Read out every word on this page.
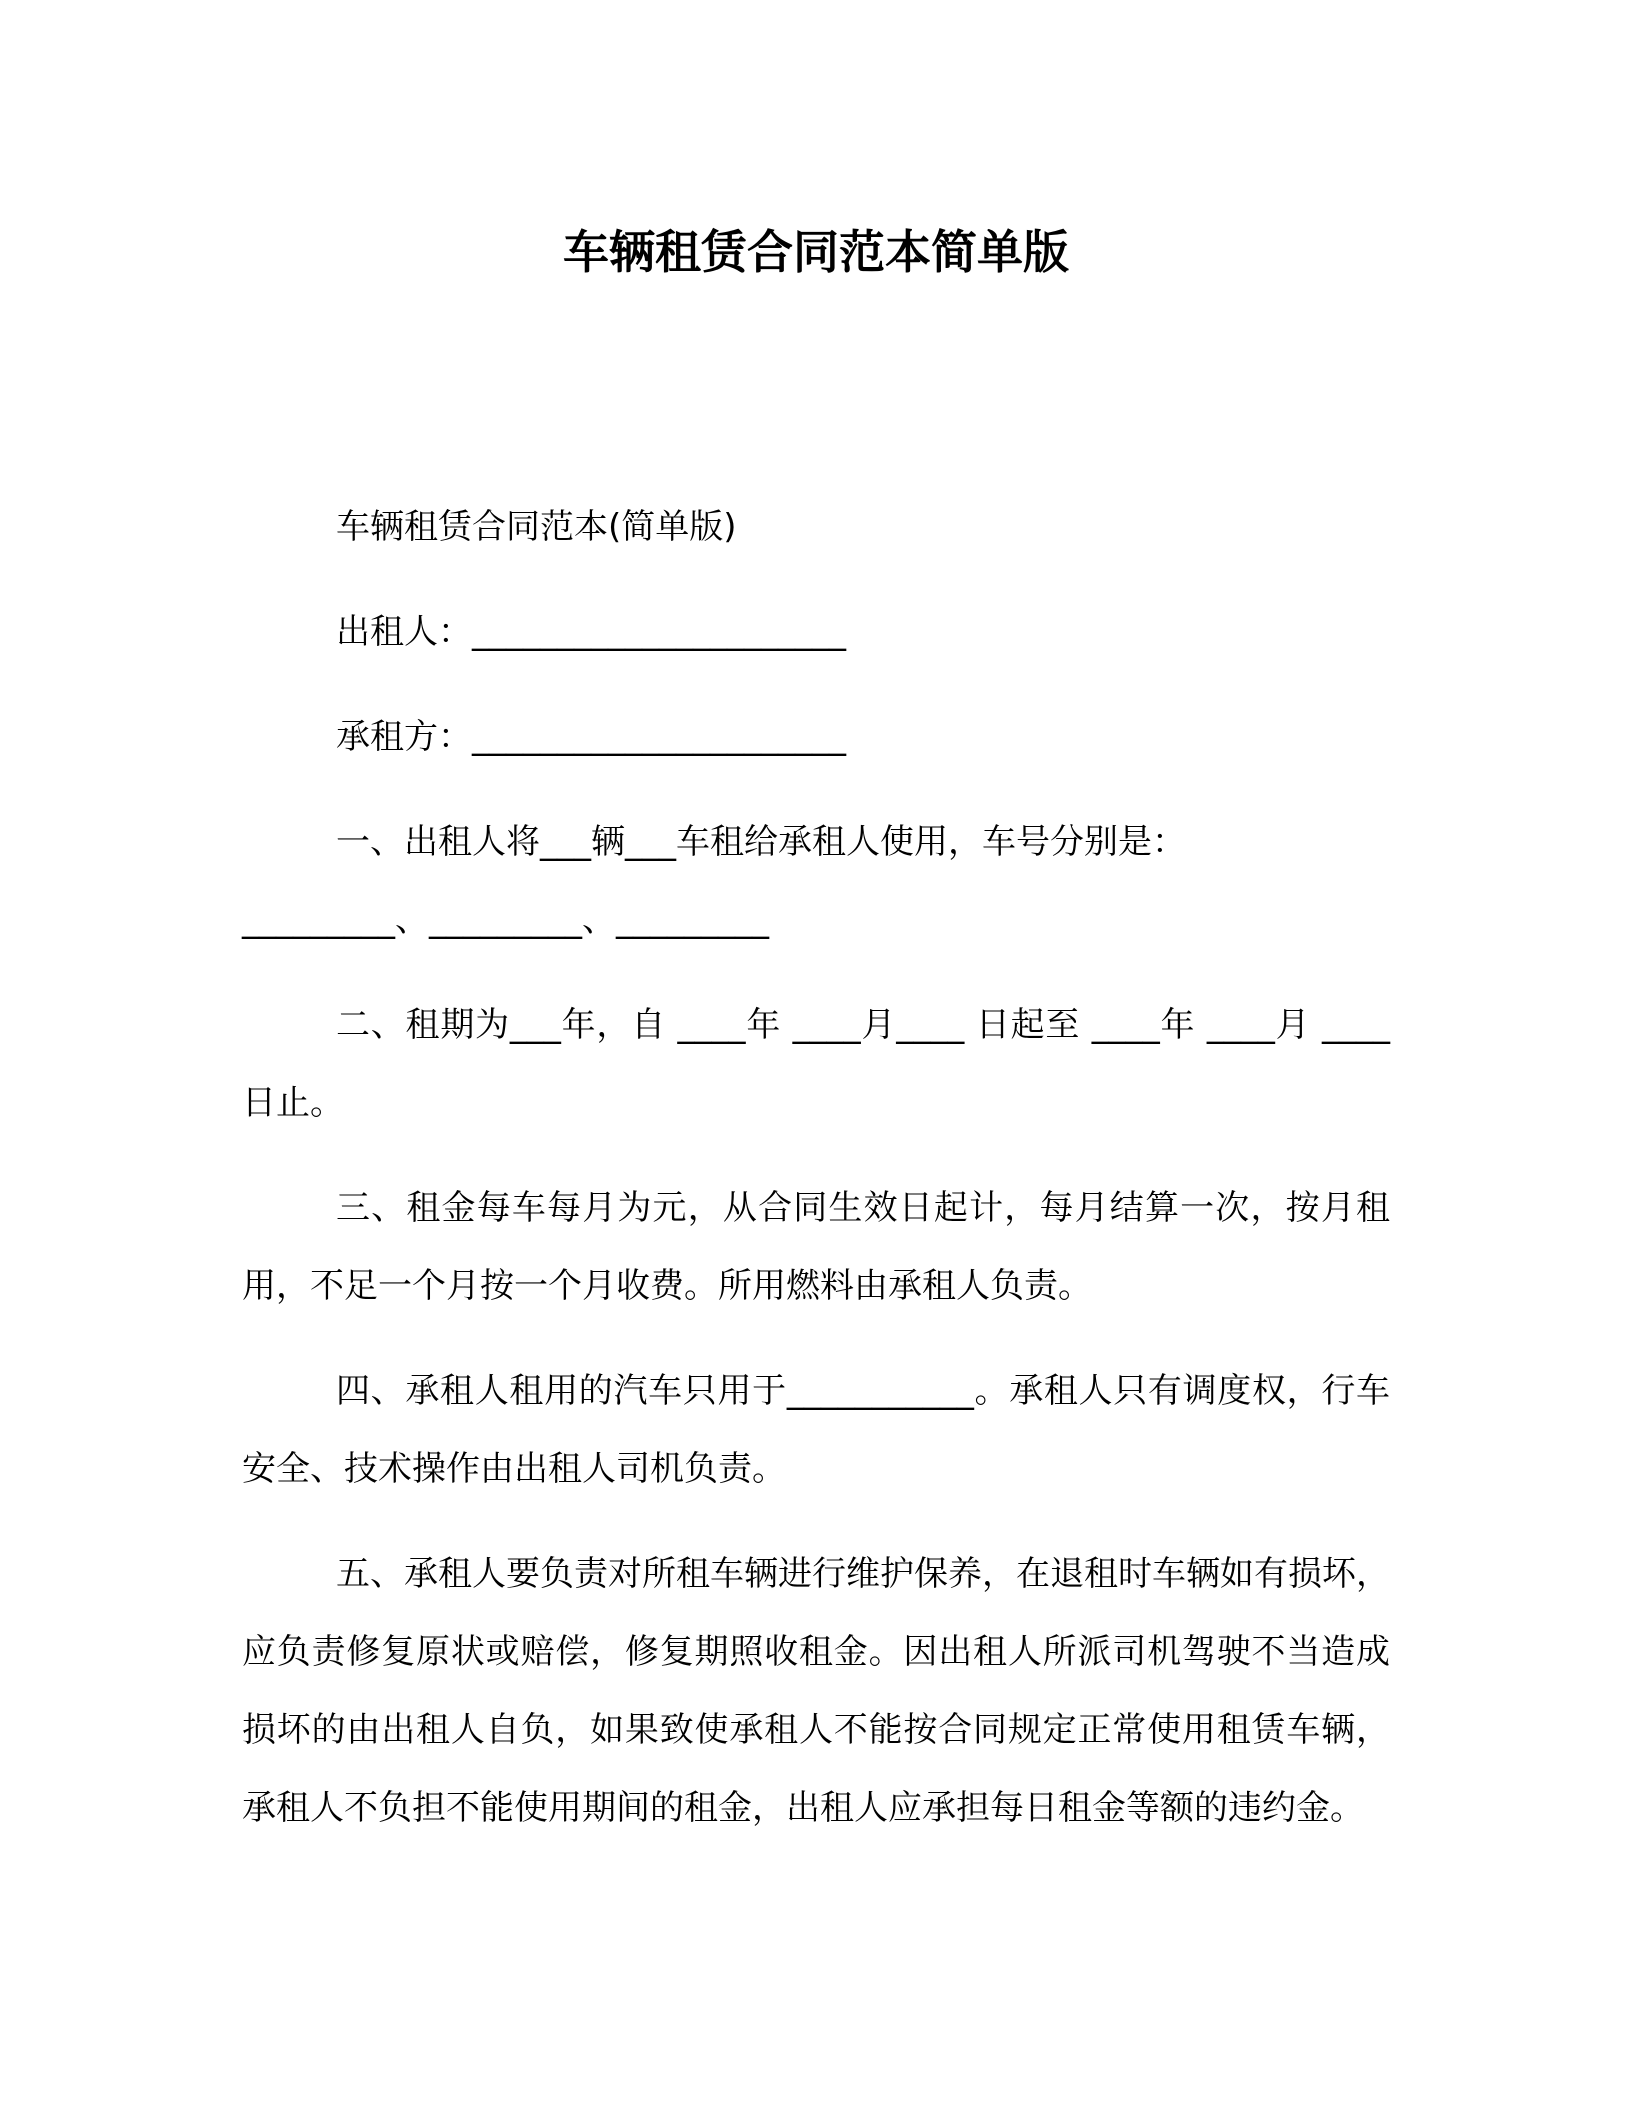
车辆租赁合同范本简单版

车辆租赁合同范本(简单版)

出租人：______________________

承租方：______________________

一、出租人将___辆___车租给承租人使用，车号分别是：

_________、_________、_________

二、租期为___年，自 ____年 ____月____ 日起至 ____年 ____月 ____日止。

三、租金每车每月为元，从合同生效日起计，每月结算一次，按月租用，不足一个月按一个月收费。所用燃料由承租人负责。

四、承租人租用的汽车只用于___________。承租人只有调度权，行车安全、技术操作由出租人司机负责。

五、承租人要负责对所租车辆进行维护保养，在退租时车辆如有损坏，应负责修复原状或赔偿，修复期照收租金。因出租人所派司机驾驶不当造成损坏的由出租人自负，如果致使承租人不能按合同规定正常使用租赁车辆，承租人不负担不能使用期间的租金，出租人应承担每日租金等额的违约金。
